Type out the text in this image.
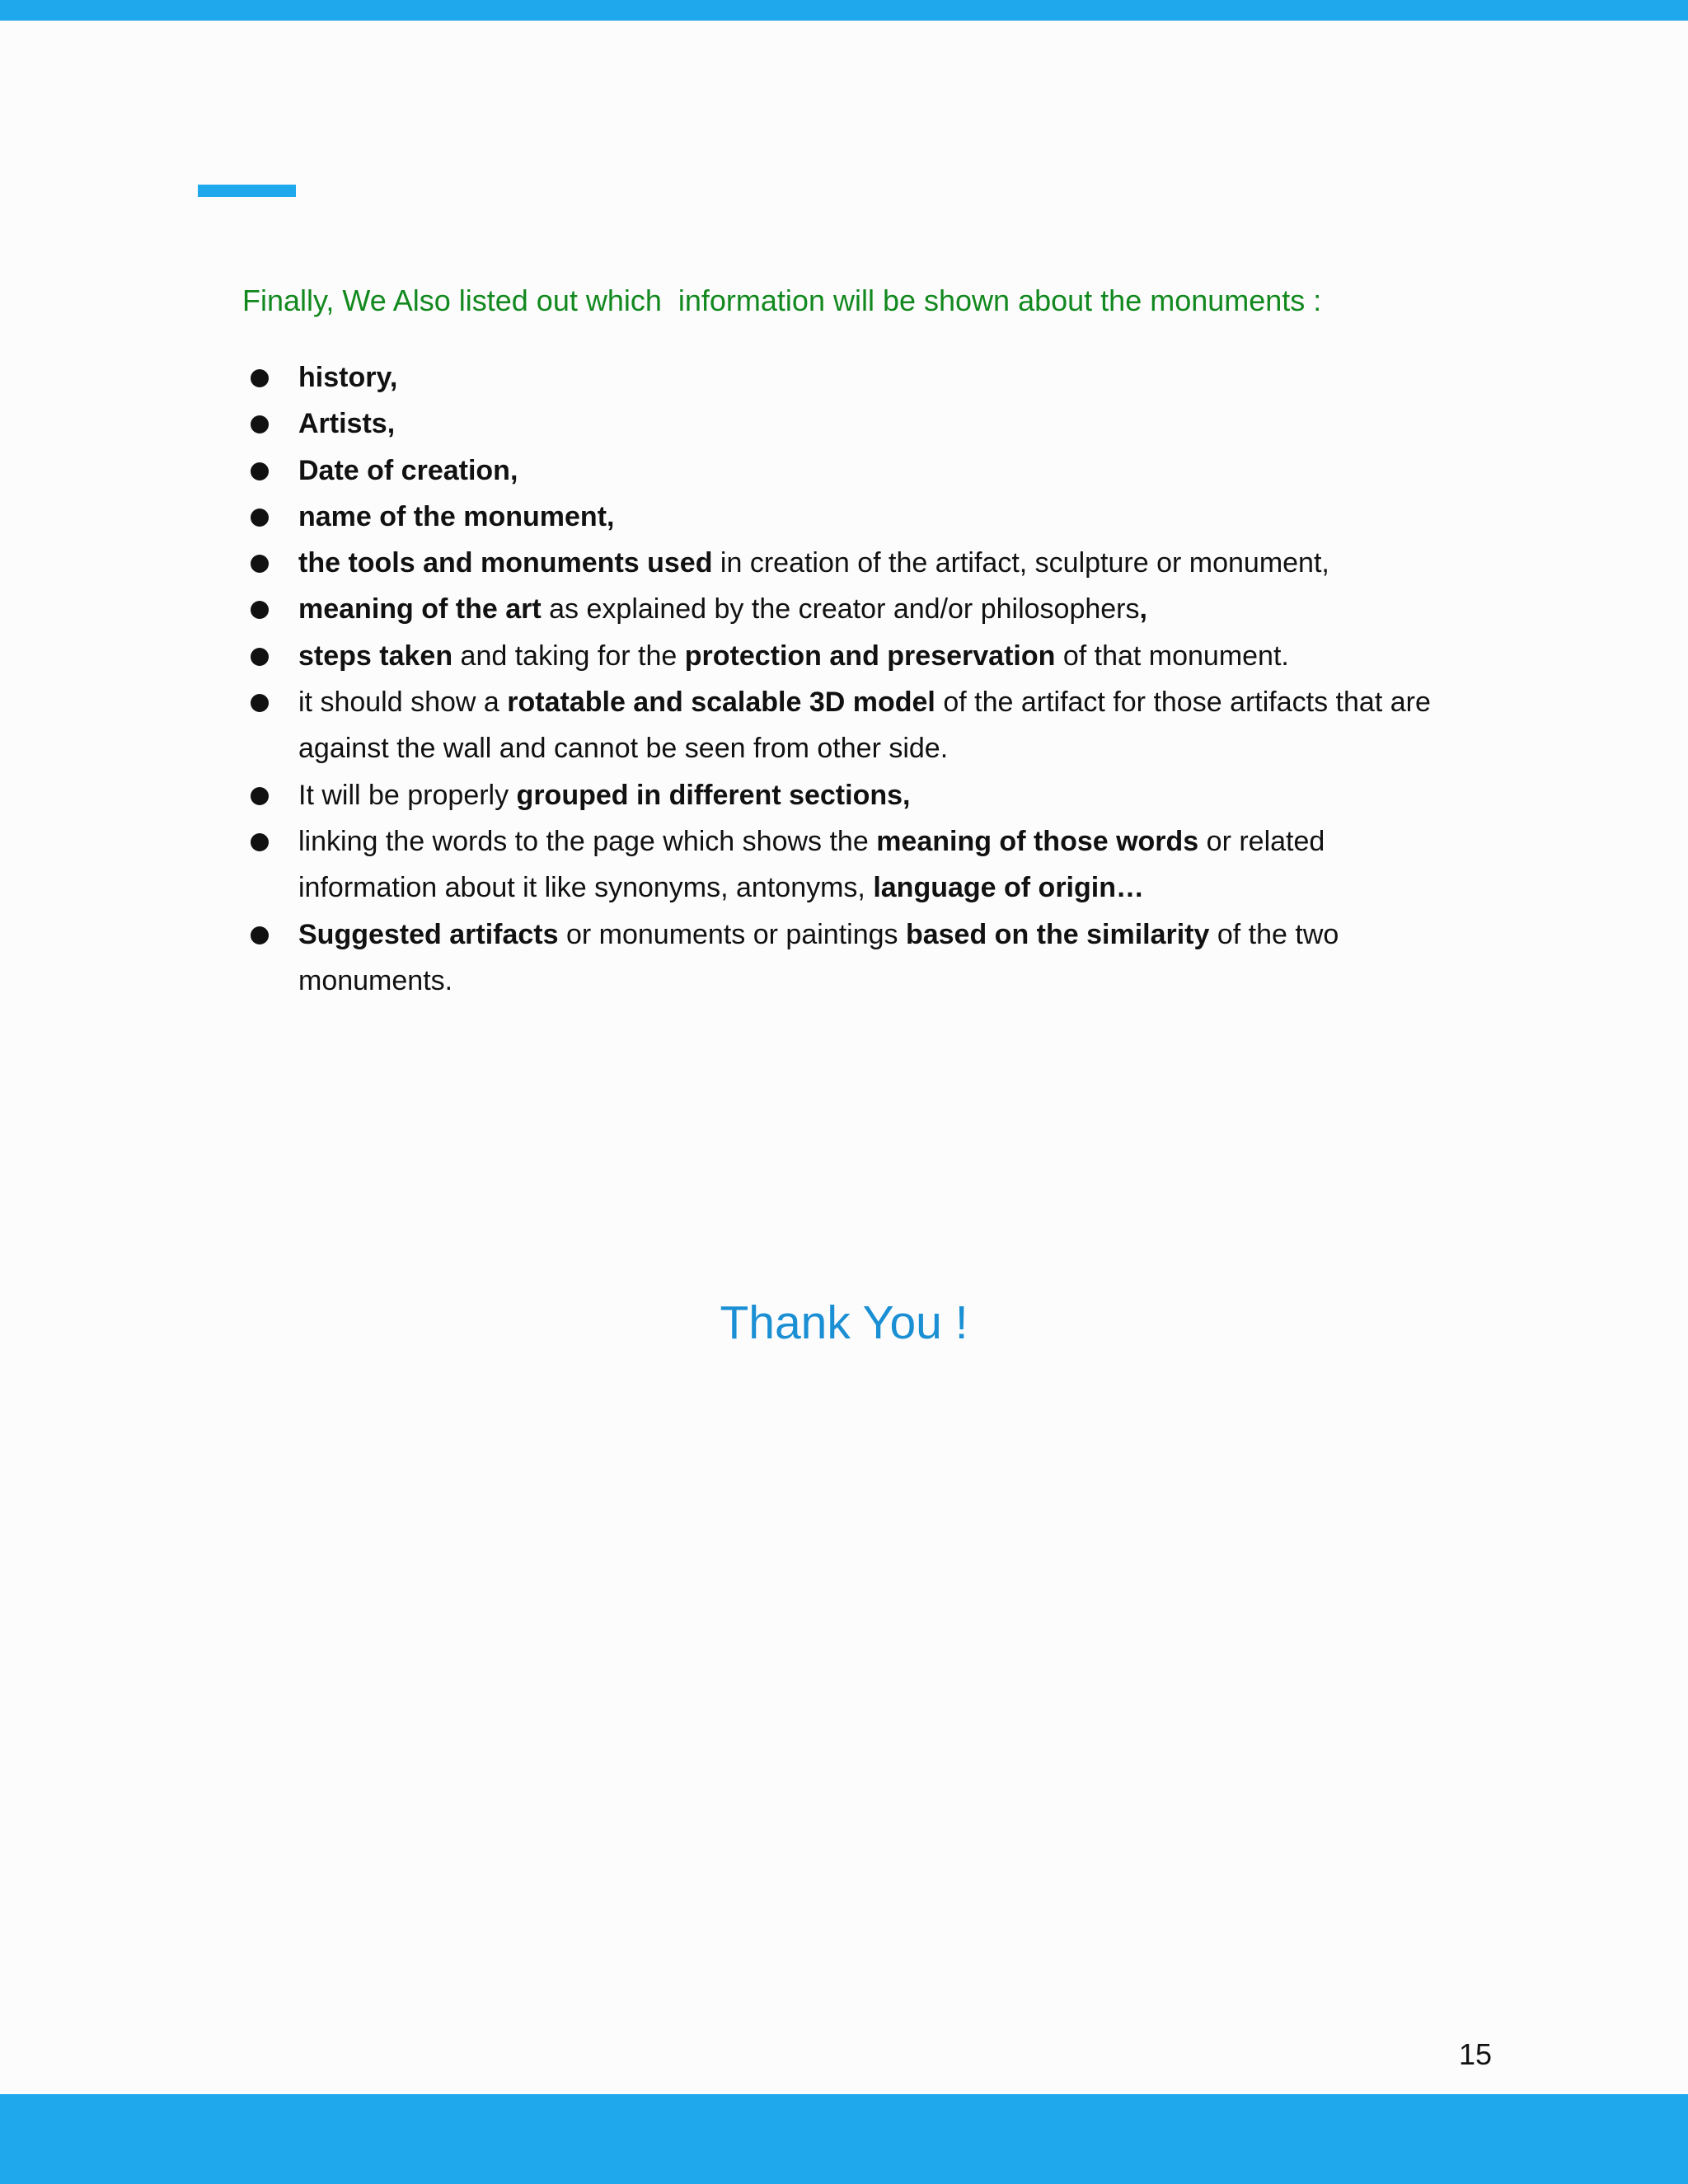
Finally, We Also listed out which  information will be shown about the monuments :
history,
Artists,
Date of creation,
name of the monument,
the tools and monuments used in creation of the artifact, sculpture or monument,
meaning of the art as explained by the creator and/or philosophers,
steps taken and taking for the protection and preservation of that monument.
it should show a rotatable and scalable 3D model of the artifact for those artifacts that are against the wall and cannot be seen from other side.
It will be properly grouped in different sections,
linking the words to the page which shows the meaning of those words or related information about it like synonyms, antonyms, language of origin…
Suggested artifacts or monuments or paintings based on the similarity of the two monuments.
Thank You !
15
